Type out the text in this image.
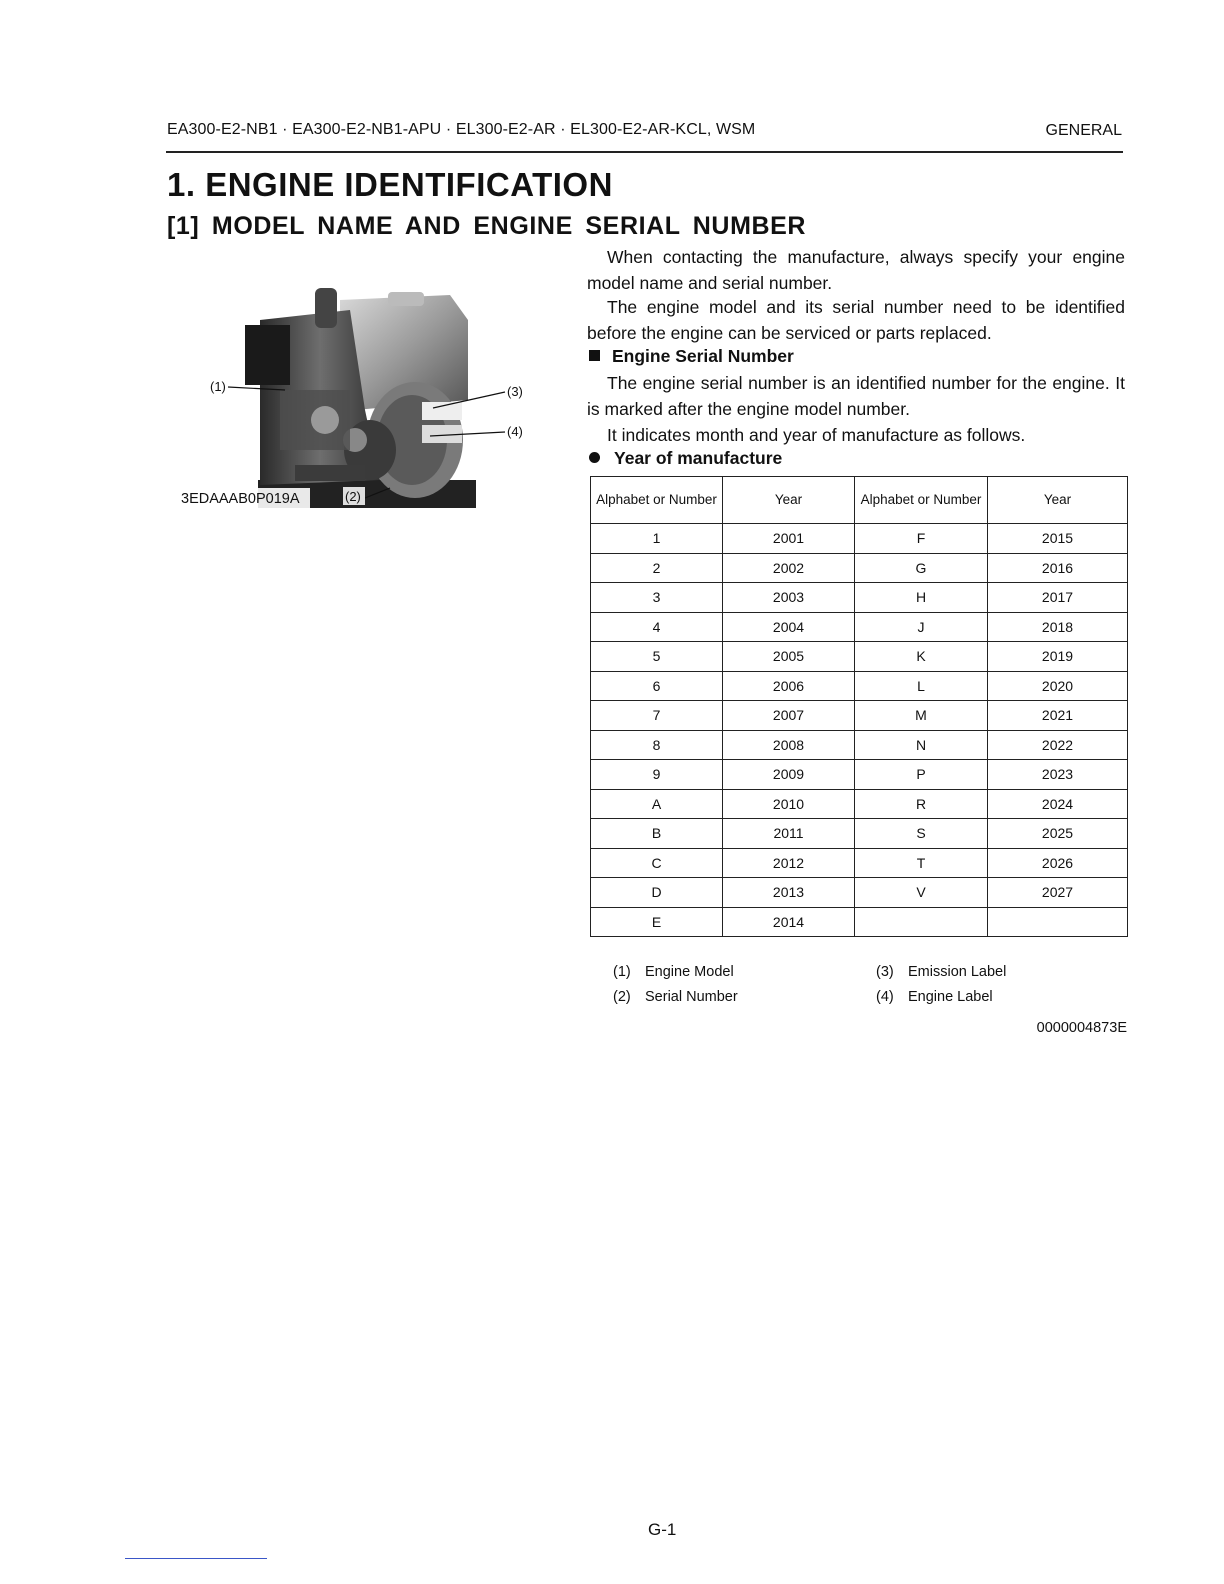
EA300-E2-NB1 · EA300-E2-NB1-APU · EL300-E2-AR · EL300-E2-AR-KCL, WSM	GENERAL
1. ENGINE IDENTIFICATION
[1] MODEL NAME AND ENGINE SERIAL NUMBER
(1)	(3)
(4)
(2)
3EDAAAB0P019A

When contacting the manufacture, always specify your engine model name and serial number.

The engine model and its serial number need to be identified before the engine can be serviced or parts replaced.

Engine Serial Number

The engine serial number is an identified number for the engine. It is marked after the engine model number.

It indicates month and year of manufacture as follows.

Year of manufacture
Alphabet or Number	Year	Alphabet or Number	Year
1	2001	F	2015
2	2002	G	2016
3	2003	H	2017
4	2004	J	2018
5	2005	K	2019
6	2006	L	2020
7	2007	M	2021
8	2008	N	2022
9	2009	P	2023
A	2010	R	2024
B	2011	S	2025
C	2012	T	2026
D	2013	V	2027
E	2014		
(1) Engine Model
(2) Serial Number
(3) Emission Label
(4) Engine Label
0000004873E
G-1
